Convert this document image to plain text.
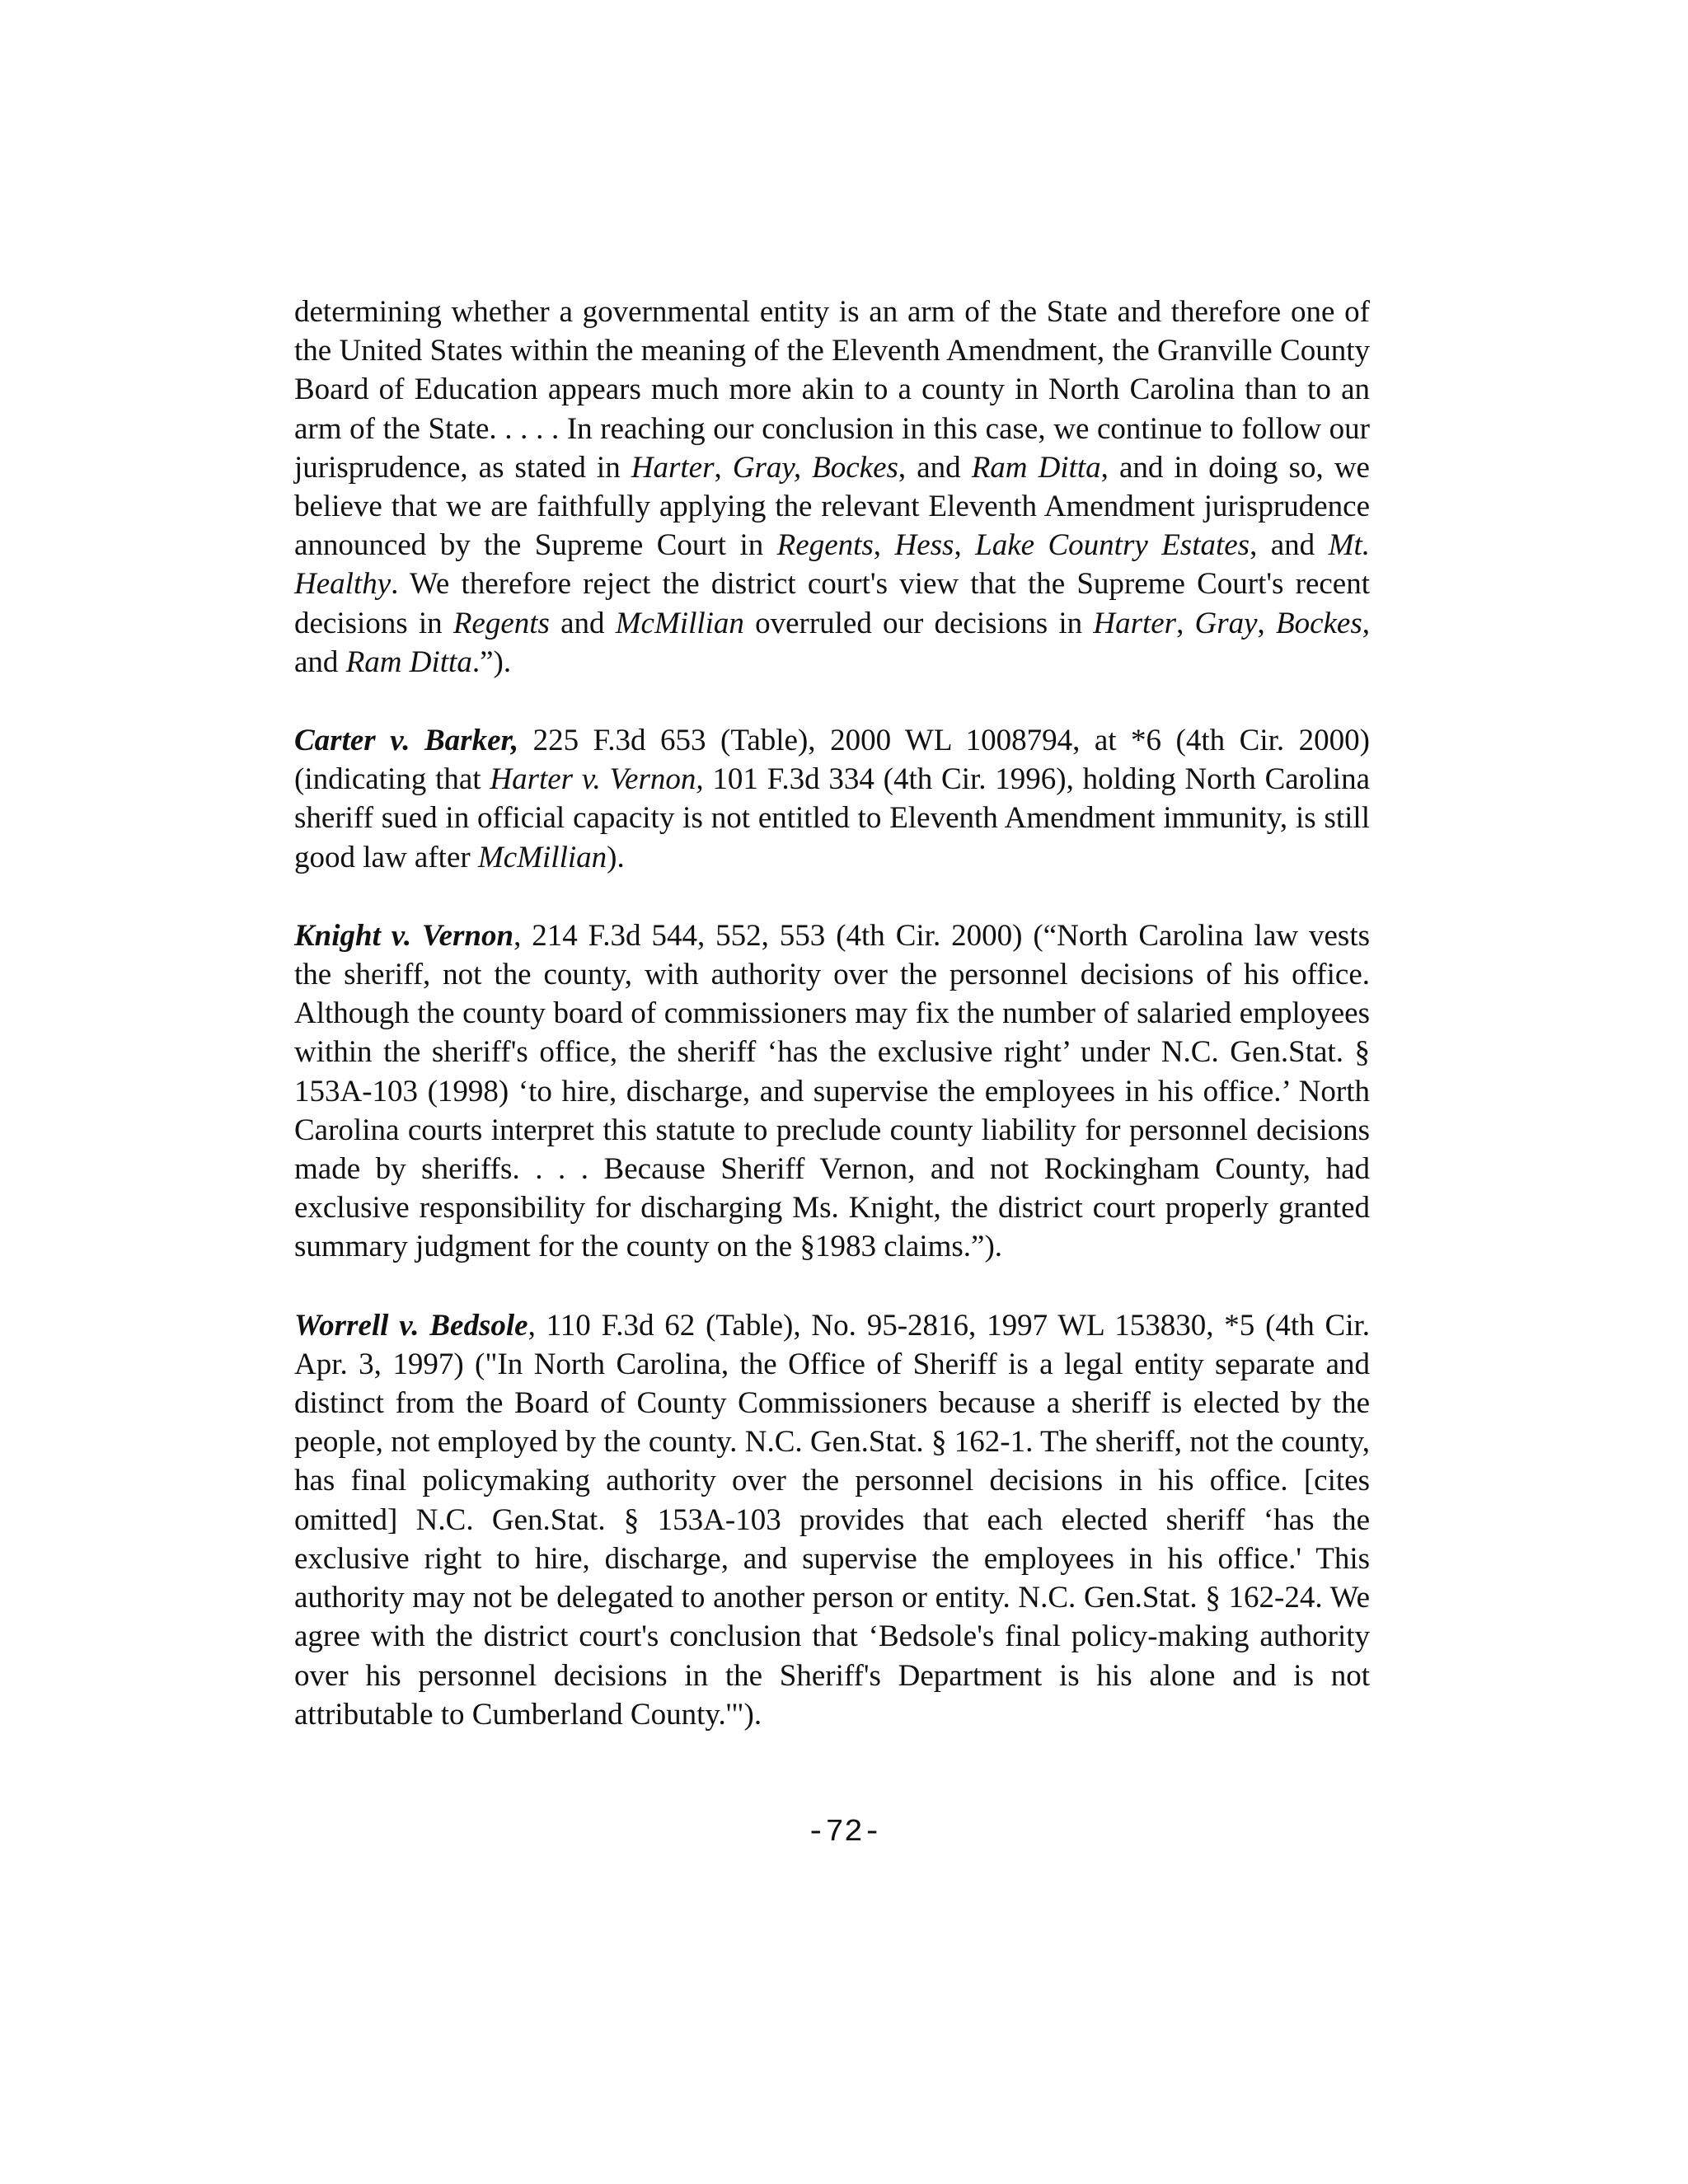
determining whether a governmental entity is an arm of the State and therefore one of the United States within the meaning of the Eleventh Amendment, the Granville County Board of Education appears much more akin to a county in North Carolina than to an arm of the State. . . . . In reaching our conclusion in this case, we continue to follow our jurisprudence, as stated in Harter, Gray, Bockes, and Ram Ditta, and in doing so, we believe that we are faithfully applying the relevant Eleventh Amendment jurisprudence announced by the Supreme Court in Regents, Hess, Lake Country Estates, and Mt. Healthy. We therefore reject the district court's view that the Supreme Court's recent decisions in Regents and McMillian overruled our decisions in Harter, Gray, Bockes, and Ram Ditta.”).

Carter v. Barker, 225 F.3d 653 (Table), 2000 WL 1008794, at *6 (4th Cir. 2000) (indicating that Harter v. Vernon, 101 F.3d 334 (4th Cir. 1996), holding North Carolina sheriff sued in official capacity is not entitled to Eleventh Amendment immunity, is still good law after McMillian).

Knight v. Vernon, 214 F.3d 544, 552, 553 (4th Cir. 2000) (“North Carolina law vests the sheriff, not the county, with authority over the personnel decisions of his office. Although the county board of commissioners may fix the number of salaried employees within the sheriff's office, the sheriff ‘has the exclusive right’ under N.C. Gen.Stat. § 153A-103 (1998) ‘to hire, discharge, and supervise the employees in his office.’ North Carolina courts interpret this statute to preclude county liability for personnel decisions made by sheriffs. . . . Because Sheriff Vernon, and not Rockingham County, had exclusive responsibility for discharging Ms. Knight, the district court properly granted summary judgment for the county on the §1983 claims.”).

Worrell v. Bedsole, 110 F.3d 62 (Table), No. 95-2816, 1997 WL 153830, *5 (4th Cir. Apr. 3, 1997) ("In North Carolina, the Office of Sheriff is a legal entity separate and distinct from the Board of County Commissioners because a sheriff is elected by the people, not employed by the county. N.C. Gen.Stat. § 162-1. The sheriff, not the county, has final policymaking authority over the personnel decisions in his office. [cites omitted] N.C. Gen.Stat. § 153A-103 provides that each elected sheriff ‘has the exclusive right to hire, discharge, and supervise the employees in his office.' This authority may not be delegated to another person or entity. N.C. Gen.Stat. § 162-24. We agree with the district court's conclusion that ‘Bedsole's final policy-making authority over his personnel decisions in the Sheriff's Department is his alone and is not attributable to Cumberland County.'").

-72-
